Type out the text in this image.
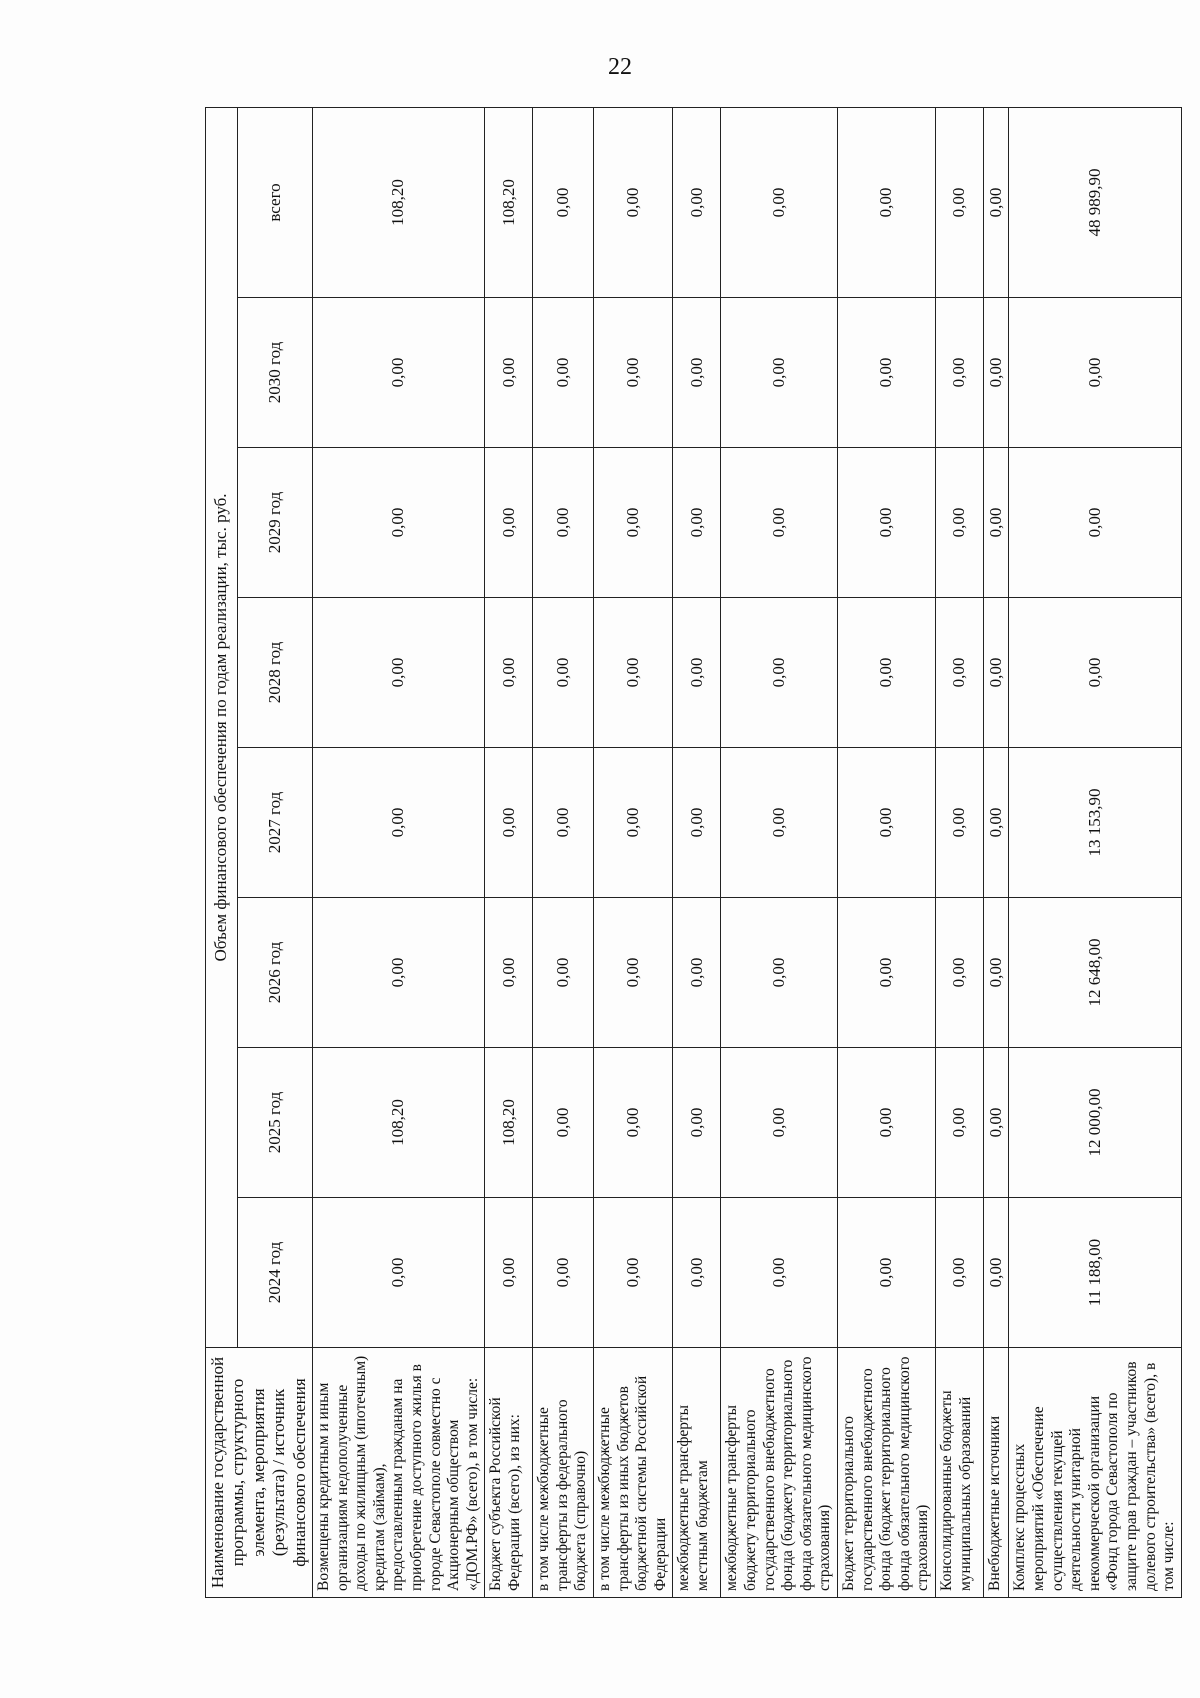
22
Наименование государственной программы, структурного элемента, мероприятия (результата) / источник финансового обеспечения	Объем финансового обеспечения по годам реализации, тыс. руб.							
	2024 год	2025 год	2026 год	2027 год	2028 год	2029 год	2030 год	всего
Возмещены кредитным и иным организациям недополученные доходы по жилищным (ипотечным) кредитам (займам), предоставленным гражданам на приобретение доступного жилья в городе Севастополе совместно с Акционерным обществом «ДОМ.РФ» (всего), в том числе:	0,00	108,20	0,00	0,00	0,00	0,00	0,00	108,20
Бюджет субъекта Российской Федерации (всего), из них:	0,00	108,20	0,00	0,00	0,00	0,00	0,00	108,20
в том числе межбюджетные трансферты из федерального бюджета (справочно)	0,00	0,00	0,00	0,00	0,00	0,00	0,00	0,00
в том числе межбюджетные трансферты из иных бюджетов бюджетной системы Российской Федерации	0,00	0,00	0,00	0,00	0,00	0,00	0,00	0,00
межбюджетные трансферты местным бюджетам	0,00	0,00	0,00	0,00	0,00	0,00	0,00	0,00
межбюджетные трансферты бюджету территориального государственного внебюджетного фонда (бюджету территориального фонда обязательного медицинского страхования)	0,00	0,00	0,00	0,00	0,00	0,00	0,00	0,00
Бюджет территориального государственного внебюджетного фонда (бюджет территориального фонда обязательного медицинского страхования)	0,00	0,00	0,00	0,00	0,00	0,00	0,00	0,00
Консолидированные бюджеты муниципальных образований	0,00	0,00	0,00	0,00	0,00	0,00	0,00	0,00
Внебюджетные источники	0,00	0,00	0,00	0,00	0,00	0,00	0,00	0,00
Комплекс процессных мероприятий «Обеспечение осуществления текущей деятельности унитарной некоммерческой организации «Фонд города Севастополя по защите прав граждан – участников долевого строительства» (всего), в том числе:	11 188,00	12 000,00	12 648,00	13 153,90	0,00	0,00	0,00	48 989,90
